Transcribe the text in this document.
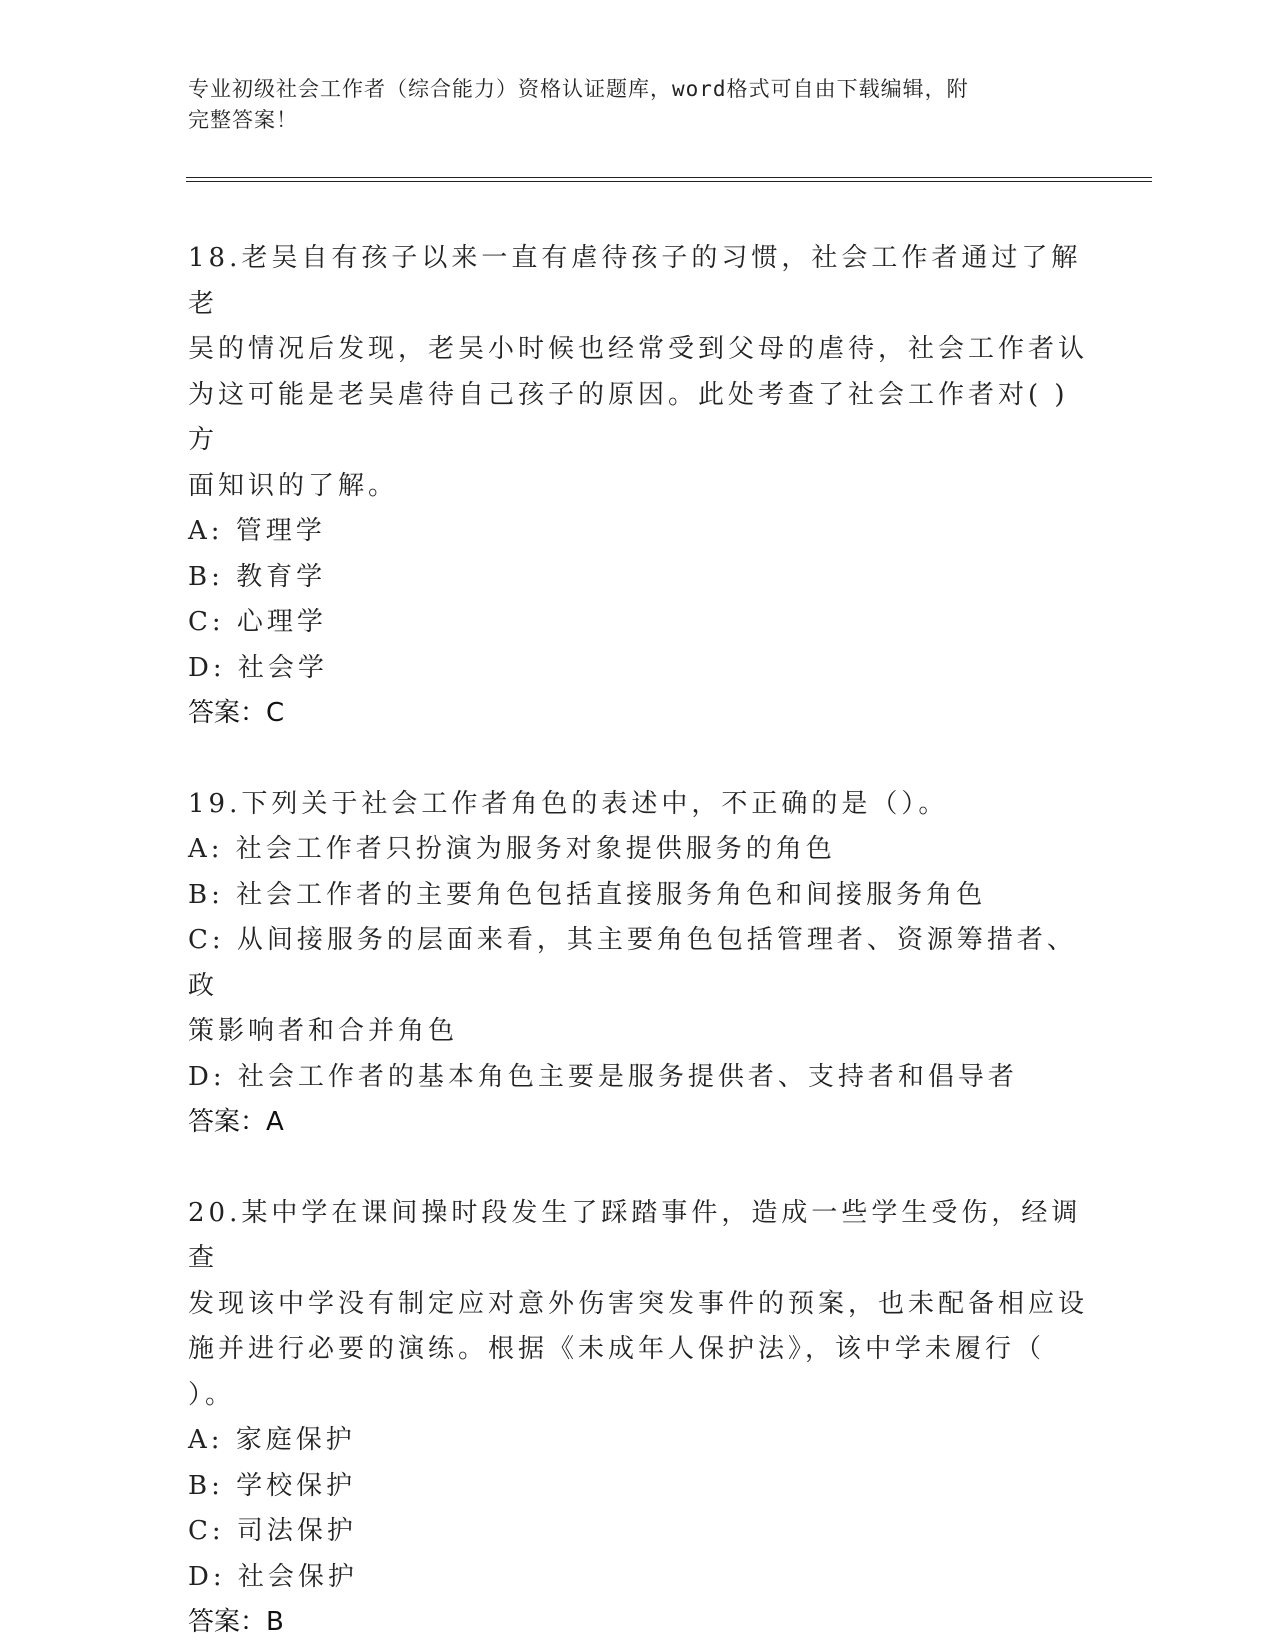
专业初级社会工作者（综合能力）资格认证题库，word格式可自由下载编辑，附
完整答案！

18.老吴自有孩子以来一直有虐待孩子的习惯，社会工作者通过了解老

吴的情况后发现，老吴小时候也经常受到父母的虐待，社会工作者认

为这可能是老吴虐待自己孩子的原因。此处考查了社会工作者对( )方

面知识的了解。

A: 管理学

B: 教育学

C: 心理学

D: 社会学

答案：C

19.下列关于社会工作者角色的表述中，不正确的是（）。

A: 社会工作者只扮演为服务对象提供服务的角色

B: 社会工作者的主要角色包括直接服务角色和间接服务角色

C: 从间接服务的层面来看，其主要角色包括管理者、资源筹措者、政

策影响者和合并角色

D: 社会工作者的基本角色主要是服务提供者、支持者和倡导者

答案：A

20.某中学在课间操时段发生了踩踏事件，造成一些学生受伤，经调查

发现该中学没有制定应对意外伤害突发事件的预案，也未配备相应设

施并进行必要的演练。根据《未成年人保护法》，该中学未履行（

）。

A: 家庭保护

B: 学校保护

C: 司法保护

D: 社会保护

答案：B
